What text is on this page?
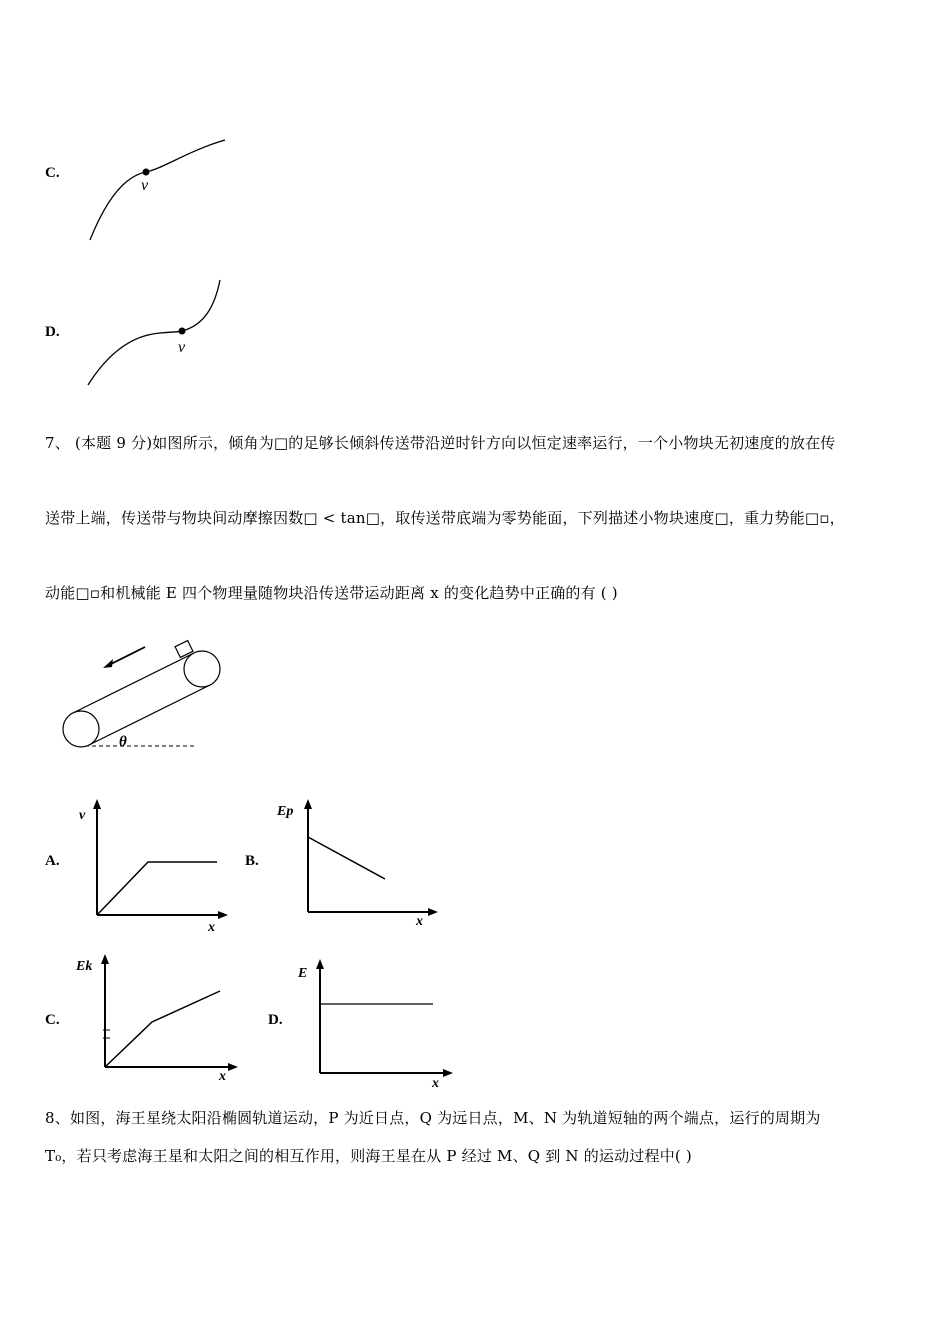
C.
v
D.
v
7、 (本题 9 分)如图所示，倾角为□的足够长倾斜传送带沿逆时针方向以恒定速率运行，一个小物块无初速度的放在传
送带上端，传送带与物块间动摩擦因数□ < tan□，取传送带底端为零势能面，下列描述小物块速度□，重力势能□▫，
动能□▫和机械能 E 四个物理量随物块沿传送带运动距离 x 的变化趋势中正确的有 ( )
θ
A.
v
x
B.
Ep
x
C.
Ek
x
D.
E
x
8、如图，海王星绕太阳沿椭圆轨道运动，P 为近日点，Q 为远日点，M、N 为轨道短轴的两个端点，运行的周期为
T₀，若只考虑海王星和太阳之间的相互作用，则海王星在从 P 经过 M、Q 到 N 的运动过程中( )
